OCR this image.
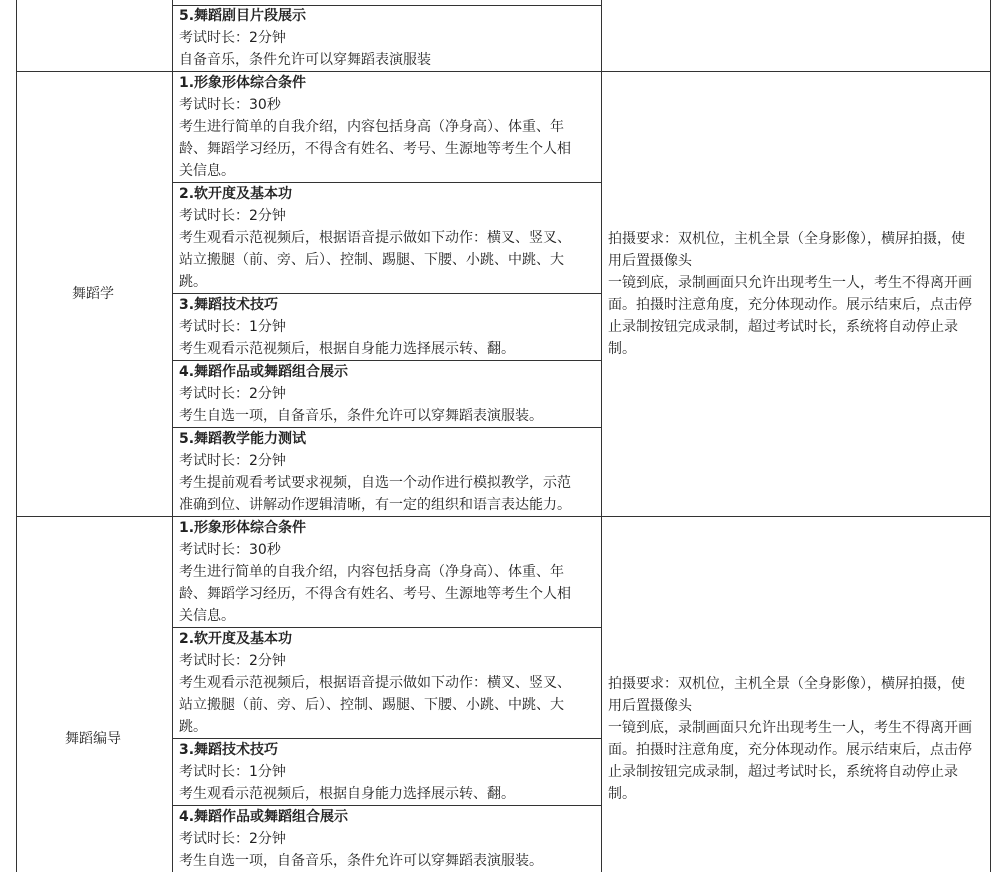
5.舞蹈剧目片段展示
考试时长：2分钟
自备音乐，条件允许可以穿舞蹈表演服装
舞蹈学
1.形象形体综合条件
考试时长：30秒
考生进行简单的自我介绍，内容包括身高（净身高）、体重、年
龄、舞蹈学习经历，不得含有姓名、考号、生源地等考生个人相
关信息。
2.软开度及基本功
考试时长：2分钟
考生观看示范视频后，根据语音提示做如下动作：横叉、竖叉、
站立搬腿（前、旁、后）、控制、踢腿、下腰、小跳、中跳、大
跳。
3.舞蹈技术技巧
考试时长：1分钟
考生观看示范视频后，根据自身能力选择展示转、翻。
4.舞蹈作品或舞蹈组合展示
考试时长：2分钟
考生自选一项，自备音乐，条件允许可以穿舞蹈表演服装。
5.舞蹈教学能力测试
考试时长：2分钟
考生提前观看考试要求视频，自选一个动作进行模拟教学，示范
准确到位、讲解动作逻辑清晰，有一定的组织和语言表达能力。
拍摄要求：双机位，主机全景（全身影像），横屏拍摄，使
用后置摄像头
一镜到底，录制画面只允许出现考生一人，考生不得离开画
面。拍摄时注意角度，充分体现动作。展示结束后，点击停
止录制按钮完成录制，超过考试时长，系统将自动停止录
制。
舞蹈编导
1.形象形体综合条件
考试时长：30秒
考生进行简单的自我介绍，内容包括身高（净身高）、体重、年
龄、舞蹈学习经历，不得含有姓名、考号、生源地等考生个人相
关信息。
2.软开度及基本功
考试时长：2分钟
考生观看示范视频后，根据语音提示做如下动作：横叉、竖叉、
站立搬腿（前、旁、后）、控制、踢腿、下腰、小跳、中跳、大
跳。
3.舞蹈技术技巧
考试时长：1分钟
考生观看示范视频后，根据自身能力选择展示转、翻。
4.舞蹈作品或舞蹈组合展示
考试时长：2分钟
考生自选一项，自备音乐，条件允许可以穿舞蹈表演服装。
拍摄要求：双机位，主机全景（全身影像），横屏拍摄，使
用后置摄像头
一镜到底，录制画面只允许出现考生一人，考生不得离开画
面。拍摄时注意角度，充分体现动作。展示结束后，点击停
止录制按钮完成录制，超过考试时长，系统将自动停止录
制。
